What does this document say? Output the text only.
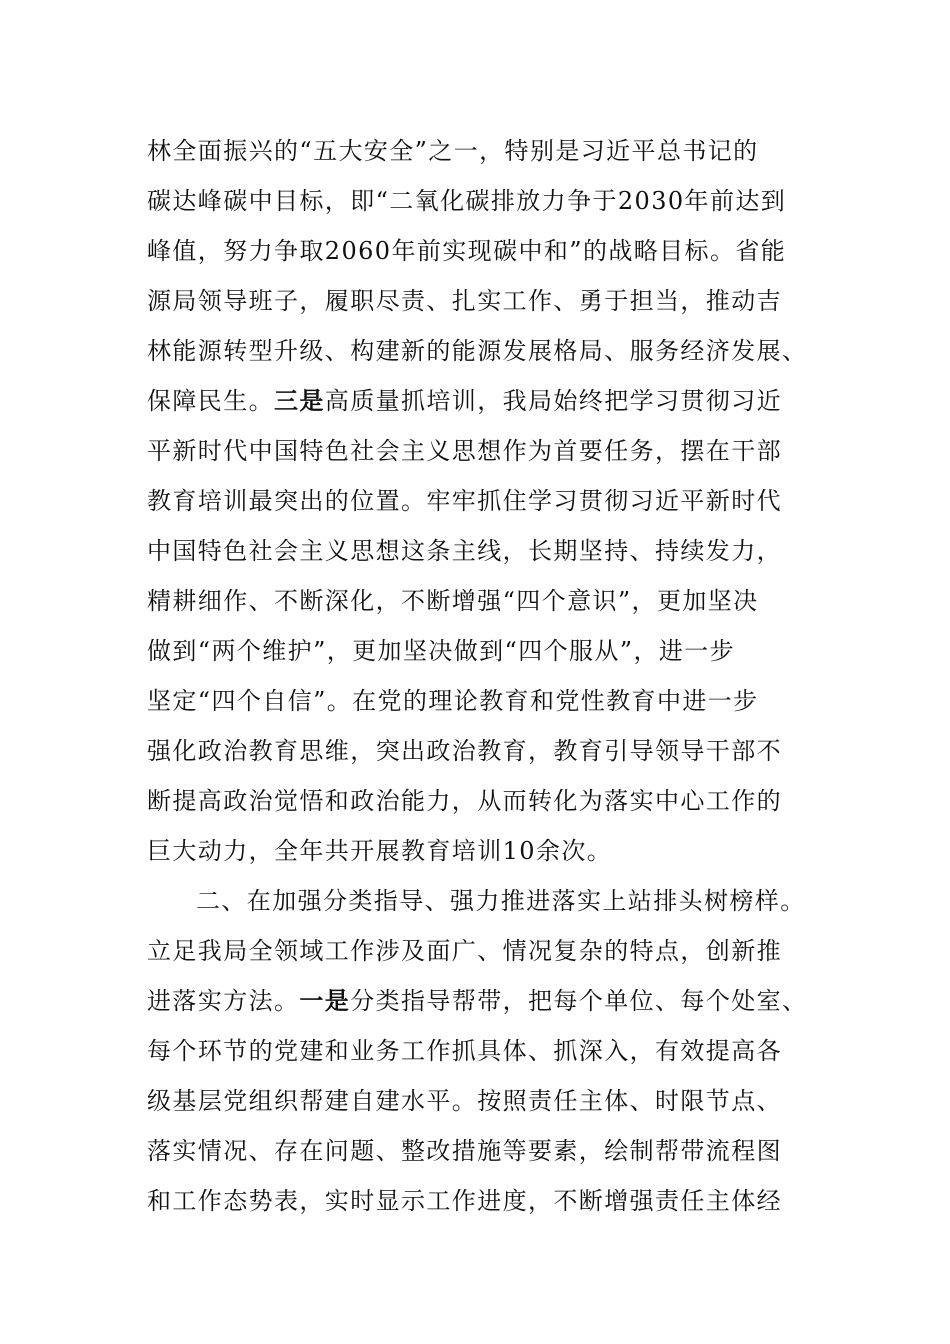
林全面振兴的“五大安全”之一，特别是习近平总书记的
碳达峰碳中目标，即“二氧化碳排放力争于2030年前达到
峰值，努力争取2060年前实现碳中和”的战略目标。省能
源局领导班子，履职尽责、扎实工作、勇于担当，推动吉
林能源转型升级、构建新的能源发展格局、服务经济发展、
保障民生。三是高质量抓培训，我局始终把学习贯彻习近
平新时代中国特色社会主义思想作为首要任务，摆在干部
教育培训最突出的位置。牢牢抓住学习贯彻习近平新时代
中国特色社会主义思想这条主线，长期坚持、持续发力，
精耕细作、不断深化，不断增强“四个意识”，更加坚决
做到“两个维护”，更加坚决做到“四个服从”，进一步
坚定“四个自信”。在党的理论教育和党性教育中进一步
强化政治教育思维，突出政治教育，教育引导领导干部不
断提高政治觉悟和政治能力，从而转化为落实中心工作的
巨大动力，全年共开展教育培训10余次。
二、在加强分类指导、强力推进落实上站排头树榜样。
立足我局全领域工作涉及面广、情况复杂的特点，创新推
进落实方法。一是分类指导帮带，把每个单位、每个处室、
每个环节的党建和业务工作抓具体、抓深入，有效提高各
级基层党组织帮建自建水平。按照责任主体、时限节点、
落实情况、存在问题、整改措施等要素，绘制帮带流程图
和工作态势表，实时显示工作进度，不断增强责任主体经
